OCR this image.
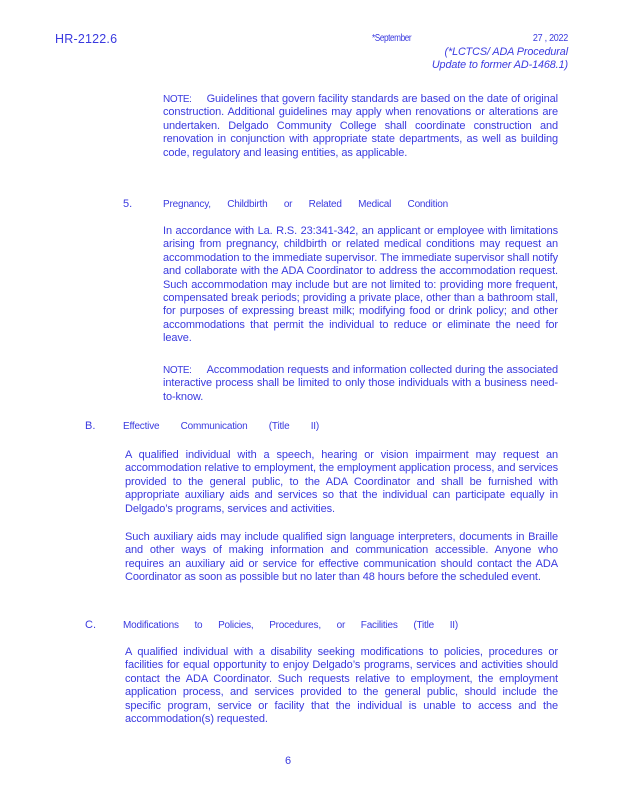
HR-2122.6	*September	27 , 2022
(*LCTCS/ ADA Procedural
Update to former AD-1468.1)

NOTE: Guidelines that govern facility standards are based on the date of original construction. Additional guidelines may apply when renovations or alterations are undertaken. Delgado Community College shall coordinate construction and renovation in conjunction with appropriate state departments, as well as building code, regulatory and leasing entities, as applicable.

5.	Pregnancy, Childbirth or Related Medical Condition

In accordance with La. R.S. 23:341-342, an applicant or employee with limitations arising from pregnancy, childbirth or related medical conditions may request an accommodation to the immediate supervisor. The immediate supervisor shall notify and collaborate with the ADA Coordinator to address the accommodation request. Such accommodation may include but are not limited to: providing more frequent, compensated break periods; providing a private place, other than a bathroom stall, for purposes of expressing breast milk; modifying food or drink policy; and other accommodations that permit the individual to reduce or eliminate the need for leave.

NOTE: Accommodation requests and information collected during the associated interactive process shall be limited to only those individuals with a business need-to-know.

B.	Effective Communication (Title II)

A qualified individual with a speech, hearing or vision impairment may request an accommodation relative to employment, the employment application process, and services provided to the general public, to the ADA Coordinator and shall be furnished with appropriate auxiliary aids and services so that the individual can participate equally in Delgado’s programs, services and activities.

Such auxiliary aids may include qualified sign language interpreters, documents in Braille and other ways of making information and communication accessible. Anyone who requires an auxiliary aid or service for effective communication should contact the ADA Coordinator as soon as possible but no later than 48 hours before the scheduled event.

C.	Modifications to Policies, Procedures, or Facilities (Title II)

A qualified individual with a disability seeking modifications to policies, procedures or facilities for equal opportunity to enjoy Delgado’s programs, services and activities should contact the ADA Coordinator. Such requests relative to employment, the employment application process, and services provided to the general public, should include the specific program, service or facility that the individual is unable to access and the accommodation(s) requested.

6
